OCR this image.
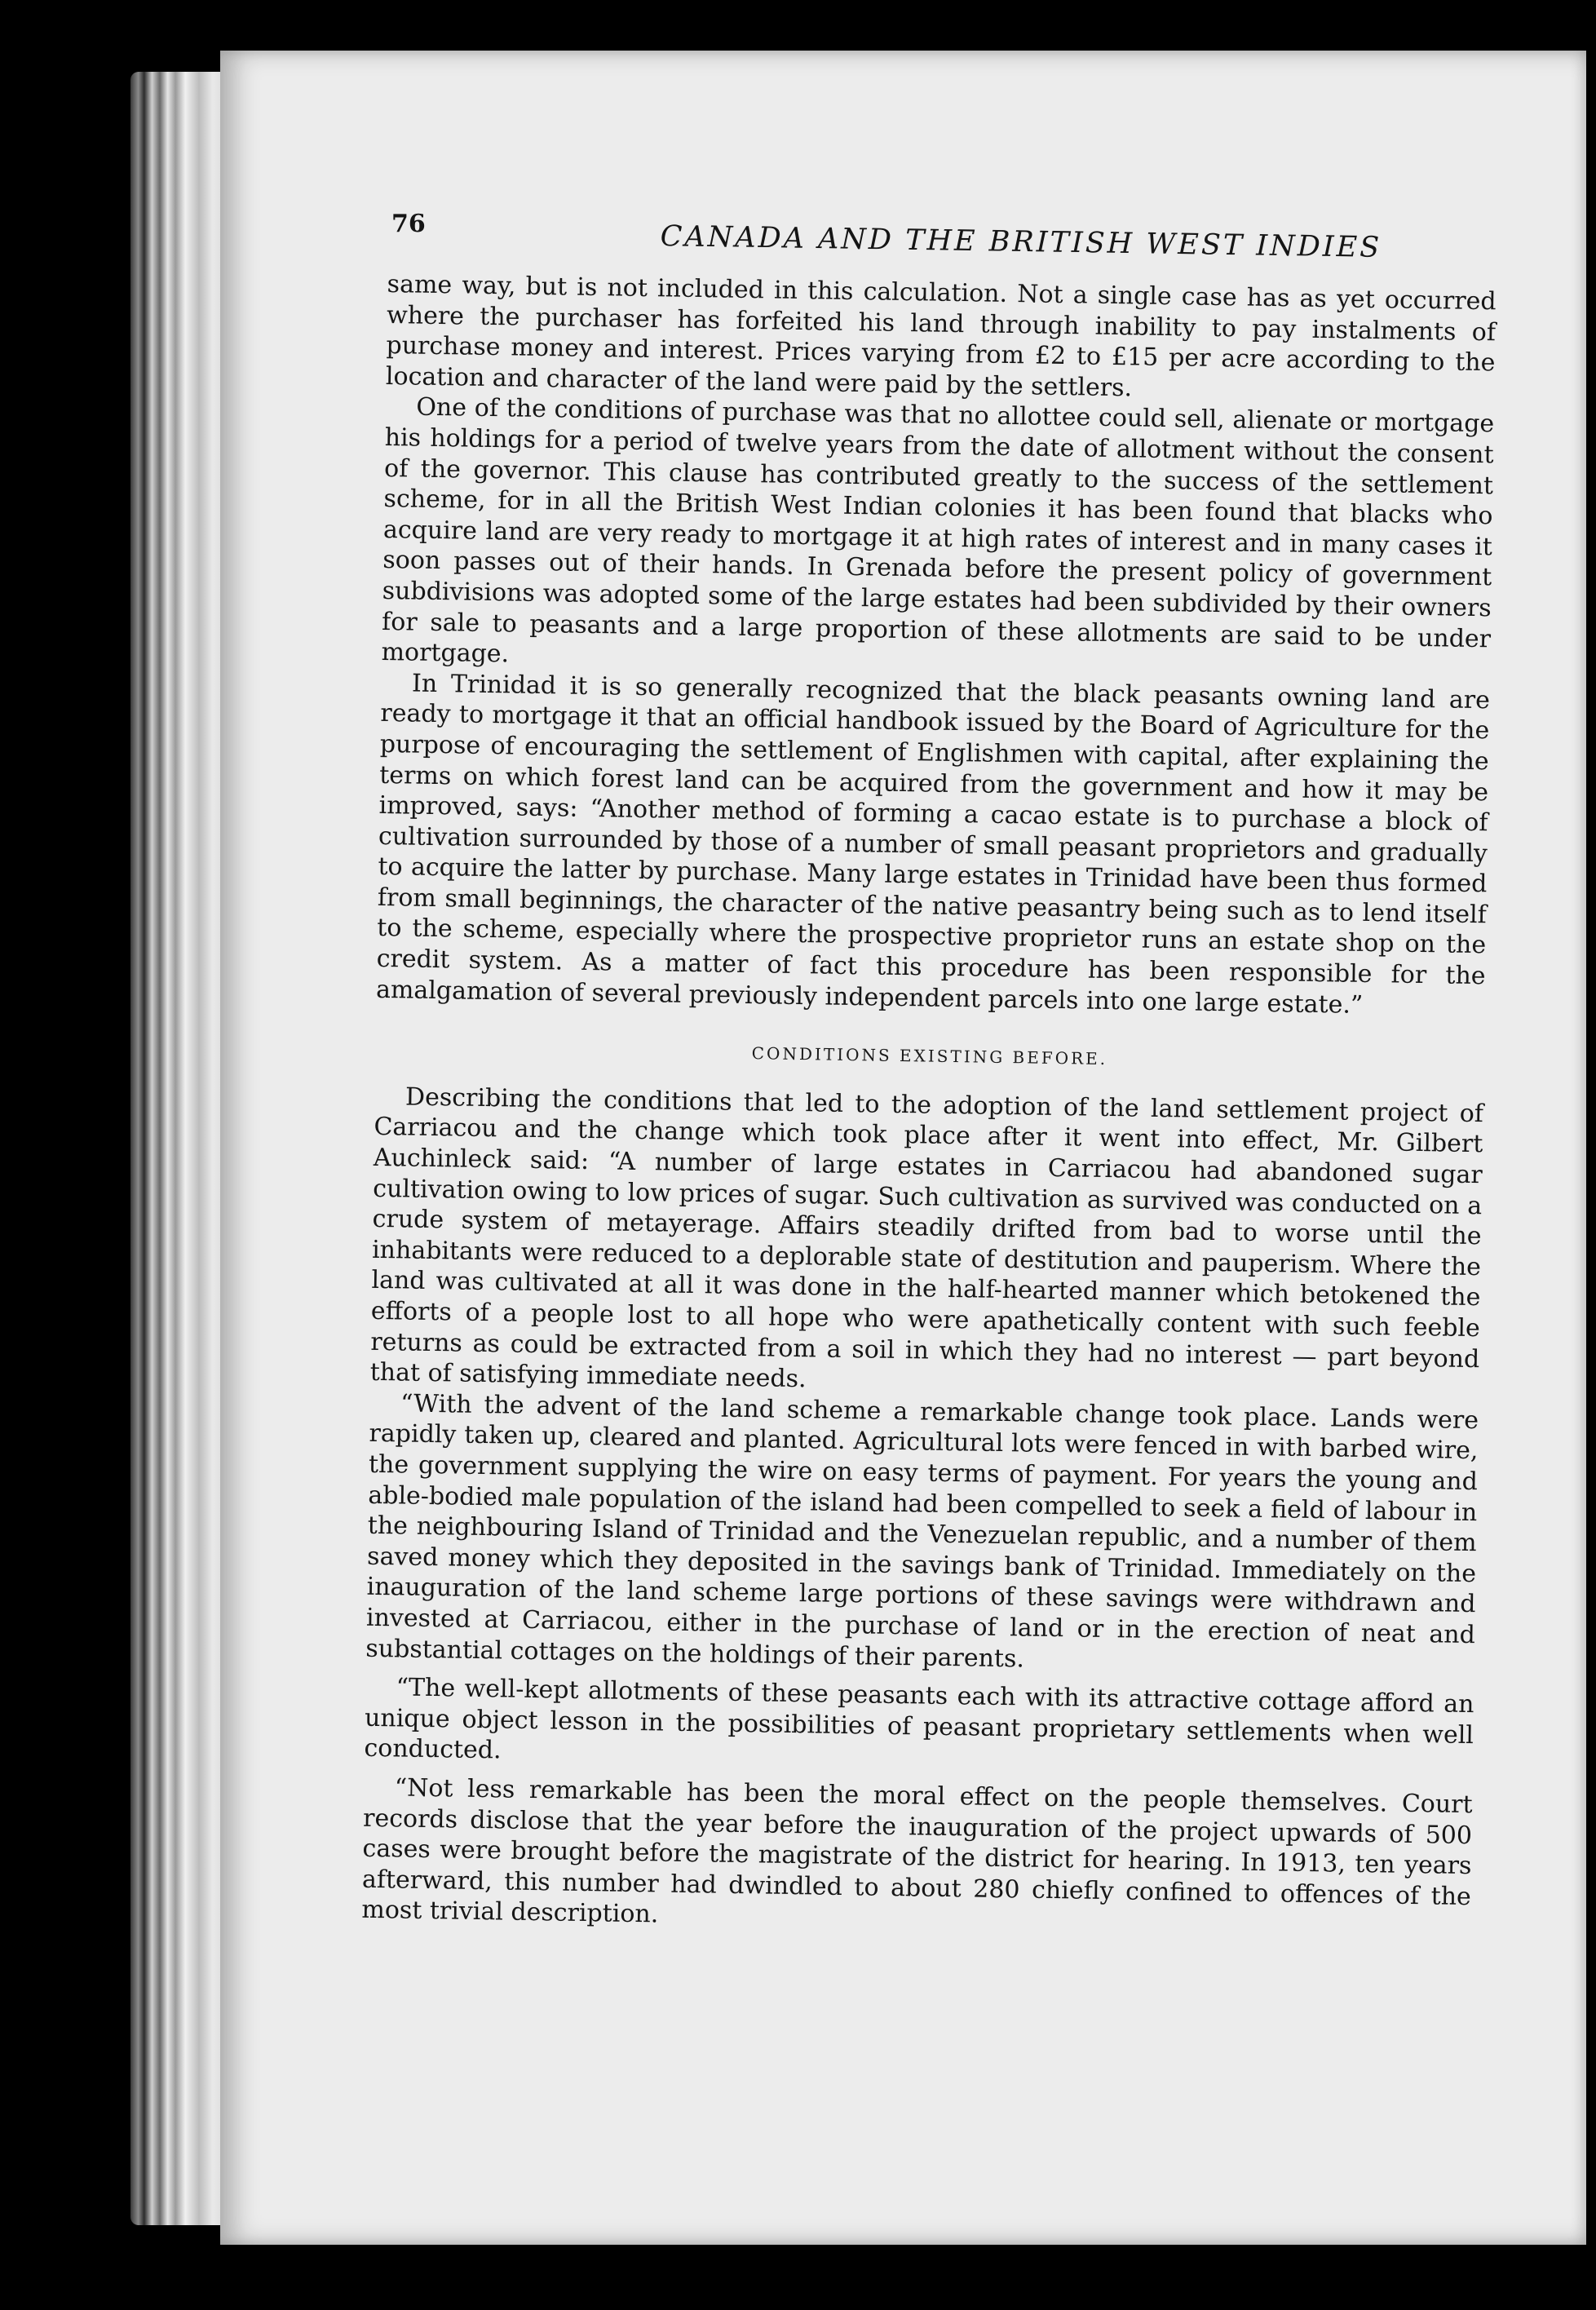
76	CANADA AND THE BRITISH WEST INDIES

same way, but is not included in this calculation. Not a single case has as yet occurred where the purchaser has forfeited his land through inability to pay instalments of purchase money and interest. Prices varying from £2 to £15 per acre according to the location and character of the land were paid by the settlers.

One of the conditions of purchase was that no allottee could sell, alienate or mortgage his holdings for a period of twelve years from the date of allotment without the consent of the governor. This clause has contributed greatly to the success of the settlement scheme, for in all the British West Indian colonies it has been found that blacks who acquire land are very ready to mortgage it at high rates of interest and in many cases it soon passes out of their hands. In Grenada before the present policy of government subdivisions was adopted some of the large estates had been subdivided by their owners for sale to peasants and a large proportion of these allotments are said to be under mortgage.

In Trinidad it is so generally recognized that the black peasants owning land are ready to mortgage it that an official handbook issued by the Board of Agriculture for the purpose of encouraging the settlement of Englishmen with capital, after explaining the terms on which forest land can be acquired from the government and how it may be improved, says: “Another method of forming a cacao estate is to purchase a block of cultivation surrounded by those of a number of small peasant proprietors and gradually to acquire the latter by purchase. Many large estates in Trinidad have been thus formed from small beginnings, the character of the native peasantry being such as to lend itself to the scheme, especially where the prospective proprietor runs an estate shop on the credit system. As a matter of fact this procedure has been responsible for the amalgamation of several previously independent parcels into one large estate.”

CONDITIONS EXISTING BEFORE.

Describing the conditions that led to the adoption of the land settlement project of Carriacou and the change which took place after it went into effect, Mr. Gilbert Auchinleck said: “A number of large estates in Carriacou had abandoned sugar cultivation owing to low prices of sugar. Such cultivation as survived was conducted on a crude system of metayerage. Affairs steadily drifted from bad to worse until the inhabitants were reduced to a deplorable state of destitution and pauperism. Where the land was cultivated at all it was done in the half-hearted manner which betokened the efforts of a people lost to all hope who were apathetically content with such feeble returns as could be extracted from a soil in which they had no interest — part beyond that of satisfying immediate needs.

“With the advent of the land scheme a remarkable change took place. Lands were rapidly taken up, cleared and planted. Agricultural lots were fenced in with barbed wire, the government supplying the wire on easy terms of payment. For years the young and able-bodied male population of the island had been compelled to seek a field of labour in the neighbouring Island of Trinidad and the Venezuelan republic, and a number of them saved money which they deposited in the savings bank of Trinidad. Immediately on the inauguration of the land scheme large portions of these savings were withdrawn and invested at Carriacou, either in the purchase of land or in the erection of neat and substantial cottages on the holdings of their parents.

“The well-kept allotments of these peasants each with its attractive cottage afford an unique object lesson in the possibilities of peasant proprietary settlements when well conducted.

“Not less remarkable has been the moral effect on the people themselves. Court records disclose that the year before the inauguration of the project upwards of 500 cases were brought before the magistrate of the district for hearing. In 1913, ten years afterward, this number had dwindled to about 280 chiefly confined to offences of the most trivial description.
